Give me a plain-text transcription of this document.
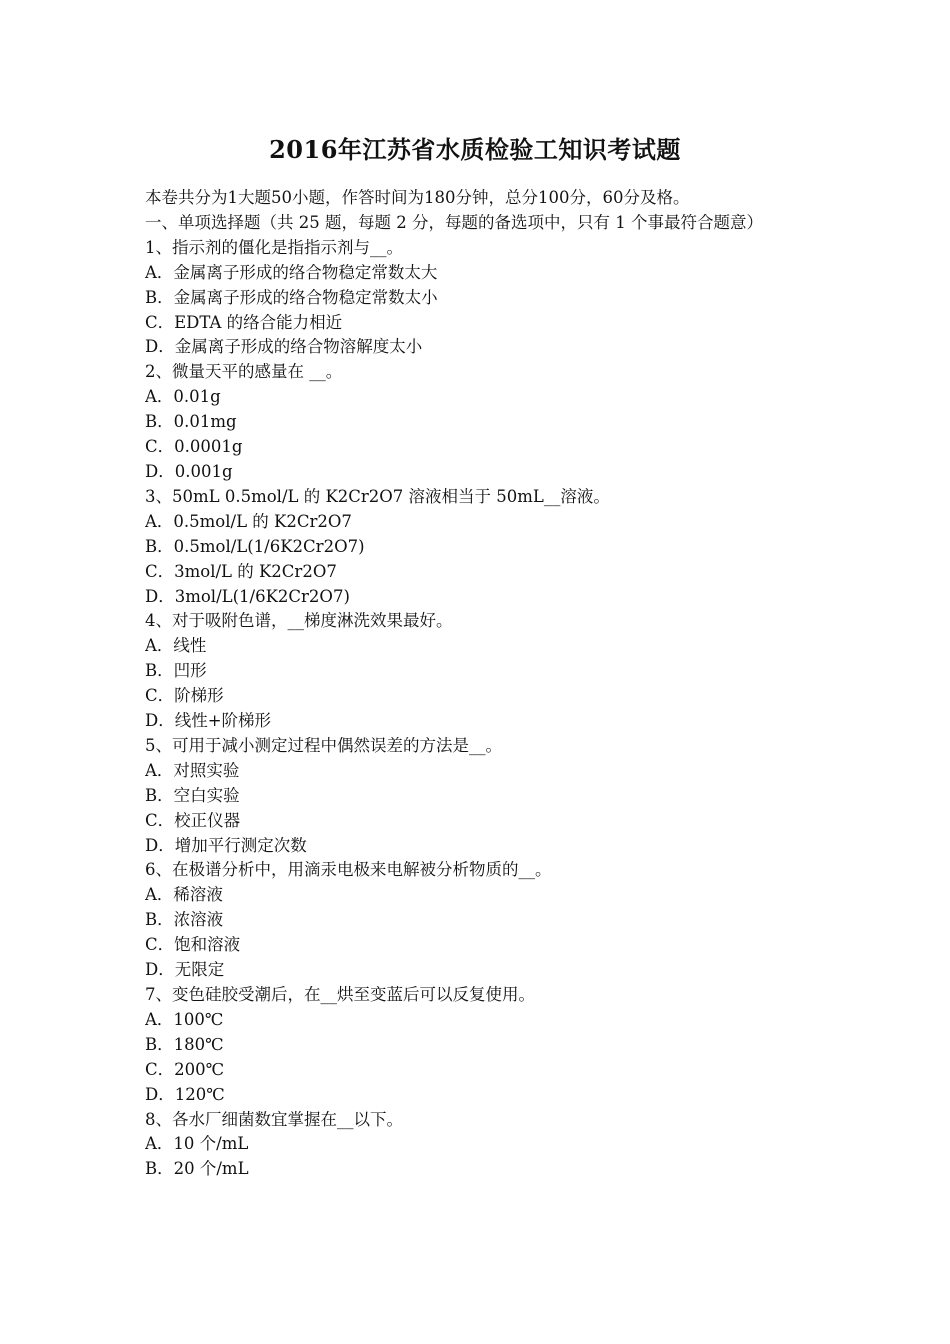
2016年江苏省水质检验工知识考试题
本卷共分为1大题50小题，作答时间为180分钟，总分100分，60分及格。
一、单项选择题（共 25 题，每题 2 分，每题的备选项中，只有 1 个事最符合题意）
1、指示剂的僵化是指指示剂与__。
A．金属离子形成的络合物稳定常数太大
B．金属离子形成的络合物稳定常数太小
C．EDTA 的络合能力相近
D．金属离子形成的络合物溶解度太小
2、微量天平的感量在 __。
A．0.01g
B．0.01mg
C．0.0001g
D．0.001g
3、50mL 0.5mol/L 的 K2Cr2O7 溶液相当于 50mL__溶液。
A．0.5mol/L 的 K2Cr2O7
B．0.5mol/L(1/6K2Cr2O7)
C．3mol/L 的 K2Cr2O7
D．3mol/L(1/6K2Cr2O7)
4、对于吸附色谱，__梯度淋洗效果最好。
A．线性
B．凹形
C．阶梯形
D．线性+阶梯形
5、可用于减小测定过程中偶然误差的方法是__。
A．对照实验
B．空白实验
C．校正仪器
D．增加平行测定次数
6、在极谱分析中，用滴汞电极来电解被分析物质的__。
A．稀溶液
B．浓溶液
C．饱和溶液
D．无限定
7、变色硅胶受潮后，在__烘至变蓝后可以反复使用。
A．100℃
B．180℃
C．200℃
D．120℃
8、各水厂细菌数宜掌握在__以下。
A．10 个/mL
B．20 个/mL
